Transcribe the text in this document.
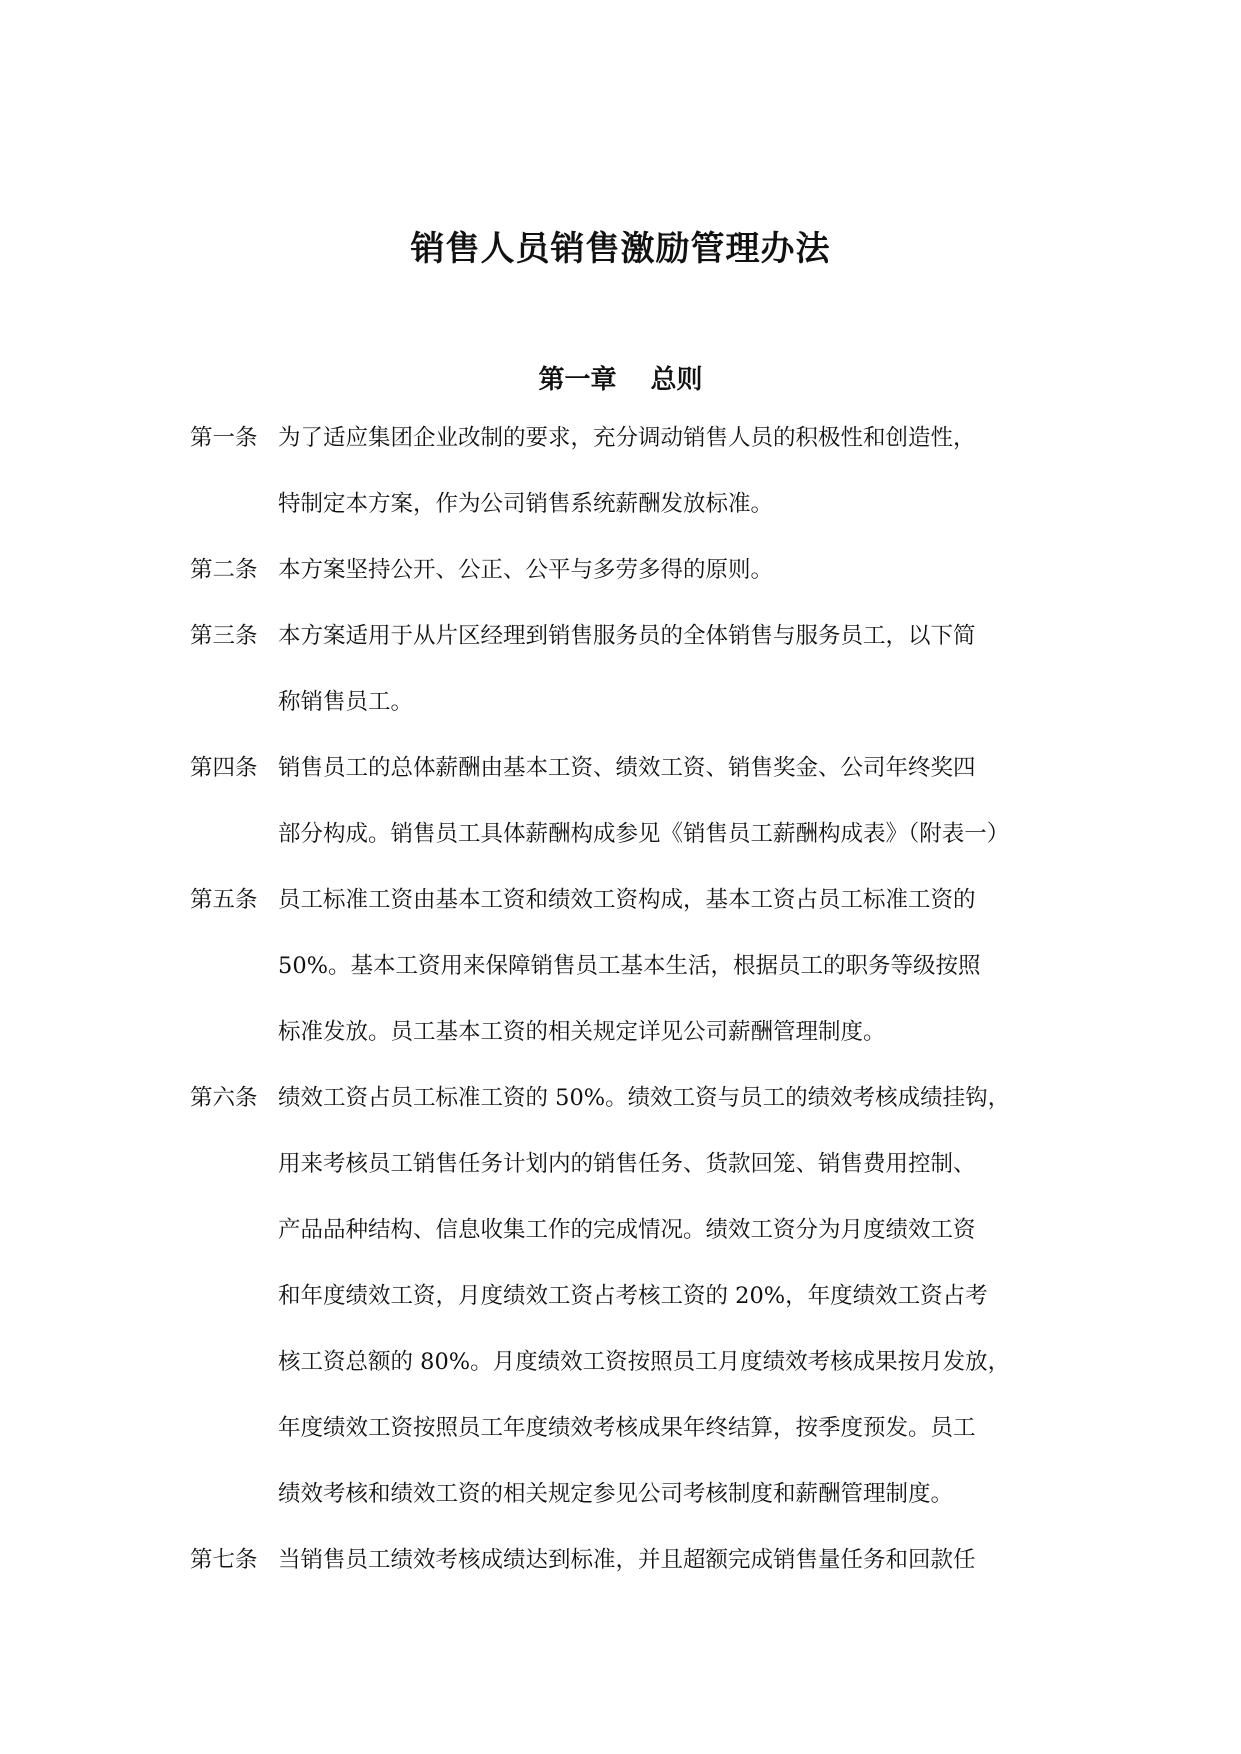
销售人员销售激励管理办法
第一章 总则
第一条 为了适应集团企业改制的要求，充分调动销售人员的积极性和创造性，
特制定本方案，作为公司销售系统薪酬发放标准。
第二条 本方案坚持公开、公正、公平与多劳多得的原则。
第三条 本方案适用于从片区经理到销售服务员的全体销售与服务员工，以下简
称销售员工。
第四条 销售员工的总体薪酬由基本工资、绩效工资、销售奖金、公司年终奖四
部分构成。销售员工具体薪酬构成参见《销售员工薪酬构成表》（附表一）
第五条 员工标准工资由基本工资和绩效工资构成，基本工资占员工标准工资的
50%。基本工资用来保障销售员工基本生活，根据员工的职务等级按照
标准发放。员工基本工资的相关规定详见公司薪酬管理制度。
第六条 绩效工资占员工标准工资的 50%。绩效工资与员工的绩效考核成绩挂钩，
用来考核员工销售任务计划内的销售任务、货款回笼、销售费用控制、
产品品种结构、信息收集工作的完成情况。绩效工资分为月度绩效工资
和年度绩效工资，月度绩效工资占考核工资的 20%，年度绩效工资占考
核工资总额的 80%。月度绩效工资按照员工月度绩效考核成果按月发放，
年度绩效工资按照员工年度绩效考核成果年终结算，按季度预发。员工
绩效考核和绩效工资的相关规定参见公司考核制度和薪酬管理制度。
第七条 当销售员工绩效考核成绩达到标准，并且超额完成销售量任务和回款任
